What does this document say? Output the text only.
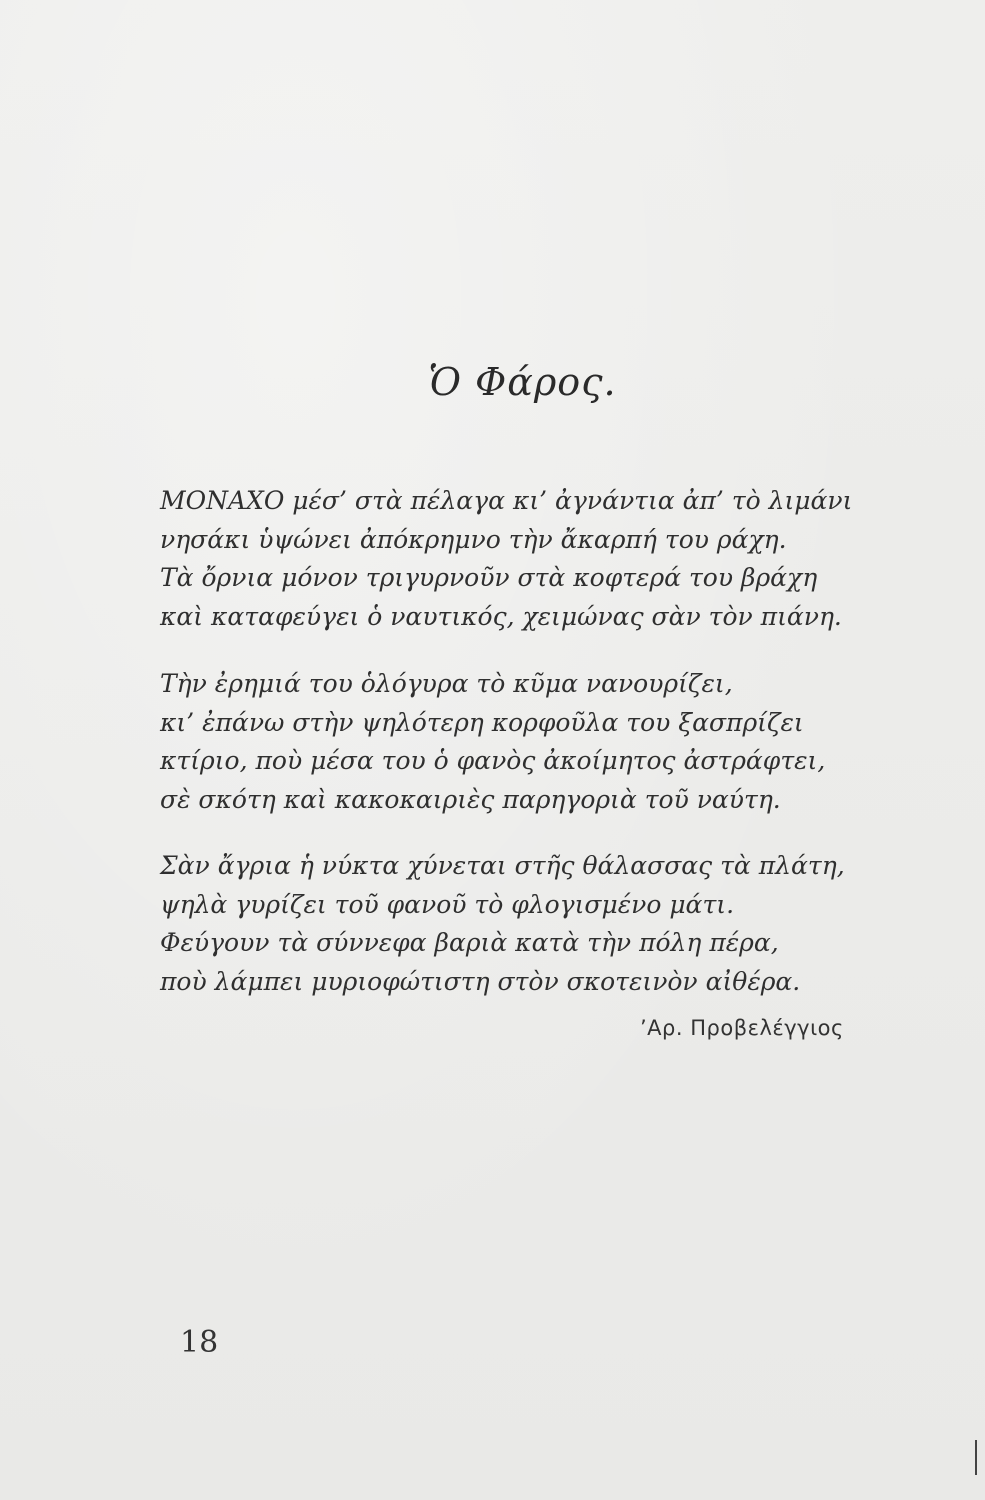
Ὁ Φάρος.
ΜΟΝΑΧΟ μέσ’ στὰ πέλαγα κι’ ἀγνάντια ἀπ’ τὸ λιμάνι
νησάκι ὑψώνει ἀπόκρημνο τὴν ἄκαρπή του ράχη.
Τὰ ὄρνια μόνον τριγυρνοῦν στὰ κοφτερά του βράχη
καὶ καταφεύγει ὁ ναυτικός, χειμώνας σὰν τὸν πιάνη.
Τὴν ἐρημιά του ὁλόγυρα τὸ κῦμα νανουρίζει,
κι’ ἐπάνω στὴν ψηλότερη κορφοῦλα του ξασπρίζει
κτίριο, ποὺ μέσα του ὁ φανὸς ἀκοίμητος ἀστράφτει,
σὲ σκότη καὶ κακοκαιριὲς παρηγοριὰ τοῦ ναύτη.
Σὰν ἄγρια ἡ νύκτα χύνεται στῆς θάλασσας τὰ πλάτη,
ψηλὰ γυρίζει τοῦ φανοῦ τὸ φλογισμένο μάτι.
Φεύγουν τὰ σύννεφα βαριὰ κατὰ τὴν πόλη πέρα,
ποὺ λάμπει μυριοφώτιστη στὸν σκοτεινὸν αἰθέρα.
’Αρ. Προβελέγγιος
18
